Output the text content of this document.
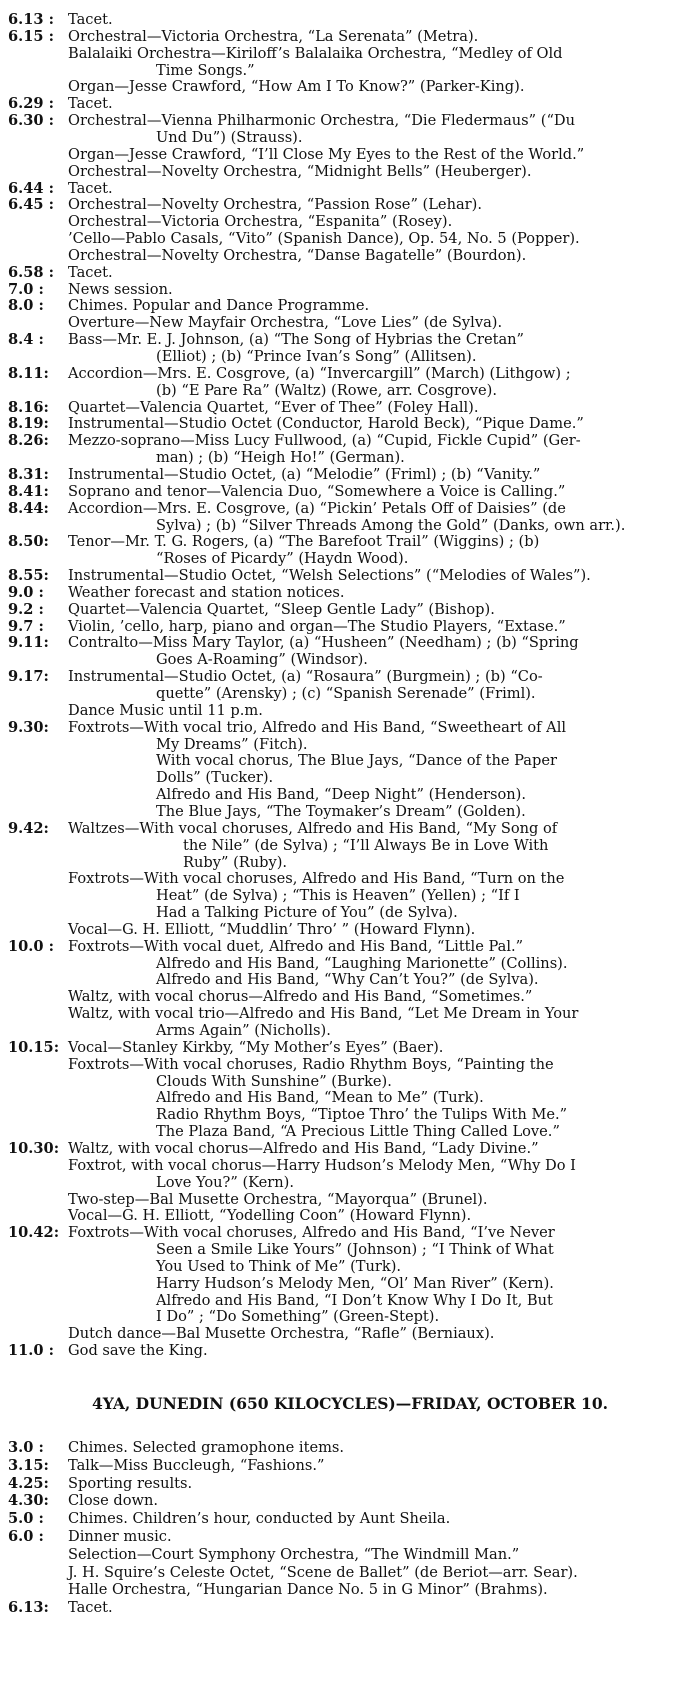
6.13 : Tacet.
6.15 : Orchestral—Victoria Orchestra, “La Serenata” (Metra).
Balalaiki Orchestra—Kiriloff’s Balalaika Orchestra, “Medley of Old
Time Songs.”
Organ—Jesse Crawford, “How Am I To Know?” (Parker-King).
6.29 : Tacet.
6.30 : Orchestral—Vienna Philharmonic Orchestra, “Die Fledermaus” (“Du
Und Du”) (Strauss).
Organ—Jesse Crawford, “I’ll Close My Eyes to the Rest of the World.”
Orchestral—Novelty Orchestra, “Midnight Bells” (Heuberger).
6.44 : Tacet.
6.45 : Orchestral—Novelty Orchestra, “Passion Rose” (Lehar).
Orchestral—Victoria Orchestra, “Espanita” (Rosey).
’Cello—Pablo Casals, “Vito” (Spanish Dance), Op. 54, No. 5 (Popper).
Orchestral—Novelty Orchestra, “Danse Bagatelle” (Bourdon).
6.58 : Tacet.
7.0 :	News session.
8.0 :	Chimes. Popular and Dance Programme.
Overture—New Mayfair Orchestra, “Love Lies” (de Sylva).
8.4 :	Bass—Mr. E. J. Johnson, (a) “The Song of Hybrias the Cretan”
(Elliot) ; (b) “Prince Ivan’s Song” (Allitsen).
8.11:	Accordion—Mrs. E. Cosgrove, (a) “Invercargill” (March) (Lithgow) ;
(b) “E Pare Ra” (Waltz) (Rowe, arr. Cosgrove).
8.16:	Quartet—Valencia Quartet, “Ever of Thee” (Foley Hall).
8.19:	Instrumental—Studio Octet (Conductor, Harold Beck), “Pique Dame.”
8.26:	Mezzo-soprano—Miss Lucy Fullwood, (a) “Cupid, Fickle Cupid” (Ger-
man) ; (b) “Heigh Ho!” (German).
8.31:	Instrumental—Studio Octet, (a) “Melodie” (Friml) ; (b) “Vanity.”
8.41:	Soprano and tenor—Valencia Duo, “Somewhere a Voice is Calling.”
8.44:	Accordion—Mrs. E. Cosgrove, (a) “Pickin’ Petals Off of Daisies” (de
Sylva) ; (b) “Silver Threads Among the Gold” (Danks, own arr.).
8.50:	Tenor—Mr. T. G. Rogers, (a) “The Barefoot Trail” (Wiggins) ; (b)
“Roses of Picardy” (Haydn Wood).
8.55:	Instrumental—Studio Octet, “Welsh Selections” (“Melodies of Wales”).
9.0 :	Weather forecast and station notices.
9.2 :	Quartet—Valencia Quartet, “Sleep Gentle Lady” (Bishop).
9.7 :	Violin, ’cello, harp, piano and organ—The Studio Players, “Extase.”
9.11:	Contralto—Miss Mary Taylor, (a) “Husheen” (Needham) ; (b) “Spring
Goes A-Roaming” (Windsor).
9.17:	Instrumental—Studio Octet, (a) “Rosaura” (Burgmein) ; (b) “Co-
quette” (Arensky) ; (c) “Spanish Serenade” (Friml).
Dance Music until 11 p.m.
9.30:	Foxtrots—With vocal trio, Alfredo and His Band, “Sweetheart of All
My Dreams” (Fitch).
With vocal chorus, The Blue Jays, “Dance of the Paper
Dolls” (Tucker).
Alfredo and His Band, “Deep Night” (Henderson).
The Blue Jays, “The Toymaker’s Dream” (Golden).
9.42:	Waltzes—With vocal choruses, Alfredo and His Band, “My Song of
the Nile” (de Sylva) ; “I’ll Always Be in Love With
Ruby” (Ruby).
Foxtrots—With vocal choruses, Alfredo and His Band, “Turn on the
Heat” (de Sylva) ; “This is Heaven” (Yellen) ; “If I
Had a Talking Picture of You” (de Sylva).
Vocal—G. H. Elliott, “Muddlin’ Thro’ ” (Howard Flynn).
10.0 : Foxtrots—With vocal duet, Alfredo and His Band, “Little Pal.”
Alfredo and His Band, “Laughing Marionette” (Collins).
Alfredo and His Band, “Why Can’t You?” (de Sylva).
Waltz, with vocal chorus—Alfredo and His Band, “Sometimes.”
Waltz, with vocal trio—Alfredo and His Band, “Let Me Dream in Your
Arms Again” (Nicholls).
10.15: Vocal—Stanley Kirkby, “My Mother’s Eyes” (Baer).
Foxtrots—With vocal choruses, Radio Rhythm Boys, “Painting the
Clouds With Sunshine” (Burke).
Alfredo and His Band, “Mean to Me” (Turk).
Radio Rhythm Boys, “Tiptoe Thro’ the Tulips With Me.”
The Plaza Band, “A Precious Little Thing Called Love.”
10.30: Waltz, with vocal chorus—Alfredo and His Band, “Lady Divine.”
Foxtrot, with vocal chorus—Harry Hudson’s Melody Men, “Why Do I
Love You?” (Kern).
Two-step—Bal Musette Orchestra, “Mayorqua” (Brunel).
Vocal—G. H. Elliott, “Yodelling Coon” (Howard Flynn).
10.42: Foxtrots—With vocal choruses, Alfredo and His Band, “I’ve Never
Seen a Smile Like Yours” (Johnson) ; “I Think of What
You Used to Think of Me” (Turk).
Harry Hudson’s Melody Men, “Ol’ Man River” (Kern).
Alfredo and His Band, “I Don’t Know Why I Do It, But
I Do” ; “Do Something” (Green-Stept).
Dutch dance—Bal Musette Orchestra, “Rafle” (Berniaux).
11.0 : God save the King.
4YA, DUNEDIN (650 KILOCYCLES)—FRIDAY, OCTOBER 10.
3.0 :	Chimes. Selected gramophone items.
3.15:	Talk—Miss Buccleugh, “Fashions.”
4.25:	Sporting results.
4.30:	Close down.
5.0 :	Chimes. Children’s hour, conducted by Aunt Sheila.
6.0 :	Dinner music.
Selection—Court Symphony Orchestra, “The Windmill Man.”
J. H. Squire’s Celeste Octet, “Scene de Ballet” (de Beriot—arr. Sear).
Halle Orchestra, “Hungarian Dance No. 5 in G Minor” (Brahms).
6.13:	Tacet.
